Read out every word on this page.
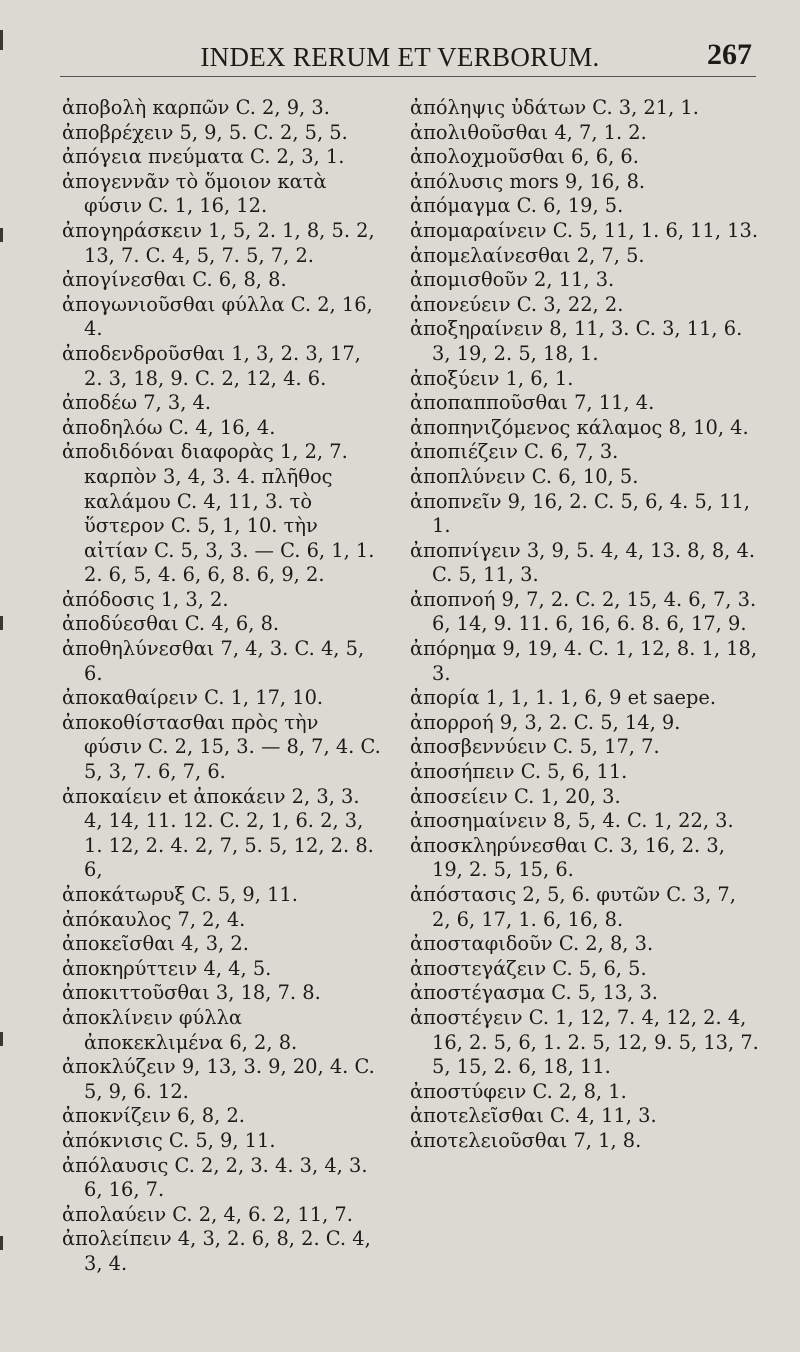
INDEX RERUM ET VERBORUM.	267

ἀποβολὴ καρπῶν C. 2, 9, 3.

ἀποβρέχειν 5, 9, 5. C. 2, 5, 5.

ἀπόγεια πνεύματα C. 2, 3, 1.

ἀπογεννᾶν τὸ ὅμοιον κατὰ φύσιν C. 1, 16, 12.

ἀπογηράσκειν 1, 5, 2. 1, 8, 5. 2, 13, 7. C. 4, 5, 7. 5, 7, 2.

ἀπογίνεσθαι C. 6, 8, 8.

ἀπογωνιοῦσθαι φύλλα C. 2, 16, 4.

ἀποδενδροῦσθαι 1, 3, 2. 3, 17, 2. 3, 18, 9. C. 2, 12, 4. 6.

ἀποδέω 7, 3, 4.

ἀποδηλόω C. 4, 16, 4.

ἀποδιδόναι διαφορὰς 1, 2, 7. καρπὸν 3, 4, 3. 4. πλῆθος καλάμου C. 4, 11, 3. τὸ ὕστερον C. 5, 1, 10. τὴν αἰτίαν C. 5, 3, 3. — C. 6, 1, 1. 2. 6, 5, 4. 6, 6, 8. 6, 9, 2.

ἀπόδοσις 1, 3, 2.

ἀποδύεσθαι C. 4, 6, 8.

ἀποθηλύνεσθαι 7, 4, 3. C. 4, 5, 6.

ἀποκαθαίρειν C. 1, 17, 10.

ἀποκοθίστασθαι πρὸς τὴν φύσιν C. 2, 15, 3. — 8, 7, 4. C. 5, 3, 7. 6, 7, 6.

ἀποκαίειν et ἀποκάειν 2, 3, 3. 4, 14, 11. 12. C. 2, 1, 6. 2, 3, 1. 12, 2. 4. 2, 7, 5. 5, 12, 2. 8. 6,

ἀποκάτωρυξ C. 5, 9, 11.

ἀπόκαυλος 7, 2, 4.

ἀποκεῖσθαι 4, 3, 2.

ἀποκηρύττειν 4, 4, 5.

ἀποκιττοῦσθαι 3, 18, 7. 8.

ἀποκλίνειν φύλλα ἀποκεκλιμένα 6, 2, 8.

ἀποκλύζειν 9, 13, 3. 9, 20, 4. C. 5, 9, 6. 12.

ἀποκνίζειν 6, 8, 2.

ἀπόκνισις C. 5, 9, 11.

ἀπόλαυσις C. 2, 2, 3. 4. 3, 4, 3. 6, 16, 7.

ἀπολαύειν C. 2, 4, 6. 2, 11, 7.

ἀπολείπειν 4, 3, 2. 6, 8, 2. C. 4, 3, 4.

ἀπόληψις ὑδάτων C. 3, 21, 1.

ἀπολιθοῦσθαι 4, 7, 1. 2.

ἀπολοχμοῦσθαι 6, 6, 6.

ἀπόλυσις mors 9, 16, 8.

ἀπόμαγμα C. 6, 19, 5.

ἀπομαραίνειν C. 5, 11, 1. 6, 11, 13.

ἀπομελαίνεσθαι 2, 7, 5.

ἀπομισθοῦν 2, 11, 3.

ἀπονεύειν C. 3, 22, 2.

ἀποξηραίνειν 8, 11, 3. C. 3, 11, 6. 3, 19, 2. 5, 18, 1.

ἀποξύειν 1, 6, 1.

ἀποπαπποῦσθαι 7, 11, 4.

ἀποπηνιζόμενος κάλαμος 8, 10, 4.

ἀποπιέζειν C. 6, 7, 3.

ἀποπλύνειν C. 6, 10, 5.

ἀποπνεῖν 9, 16, 2. C. 5, 6, 4. 5, 11, 1.

ἀποπνίγειν 3, 9, 5. 4, 4, 13. 8, 8, 4. C. 5, 11, 3.

ἀποπνοή 9, 7, 2. C. 2, 15, 4. 6, 7, 3. 6, 14, 9. 11. 6, 16, 6. 8. 6, 17, 9.

ἀπόρημα 9, 19, 4. C. 1, 12, 8. 1, 18, 3.

ἀπορία 1, 1, 1. 1, 6, 9 et saepe.

ἀπορροή 9, 3, 2. C. 5, 14, 9.

ἀποσβεννύειν C. 5, 17, 7.

ἀποσήπειν C. 5, 6, 11.

ἀποσείειν C. 1, 20, 3.

ἀποσημαίνειν 8, 5, 4. C. 1, 22, 3.

ἀποσκληρύνεσθαι C. 3, 16, 2. 3, 19, 2. 5, 15, 6.

ἀπόστασις 2, 5, 6. φυτῶν C. 3, 7, 2, 6, 17, 1. 6, 16, 8.

ἀποσταφιδοῦν C. 2, 8, 3.

ἀποστεγάζειν C. 5, 6, 5.

ἀποστέγασμα C. 5, 13, 3.

ἀποστέγειν C. 1, 12, 7. 4, 12, 2. 4, 16, 2. 5, 6, 1. 2. 5, 12, 9. 5, 13, 7. 5, 15, 2. 6, 18, 11.

ἀποστύφειν C. 2, 8, 1.

ἀποτελεῖσθαι C. 4, 11, 3.

ἀποτελειοῦσθαι 7, 1, 8.
